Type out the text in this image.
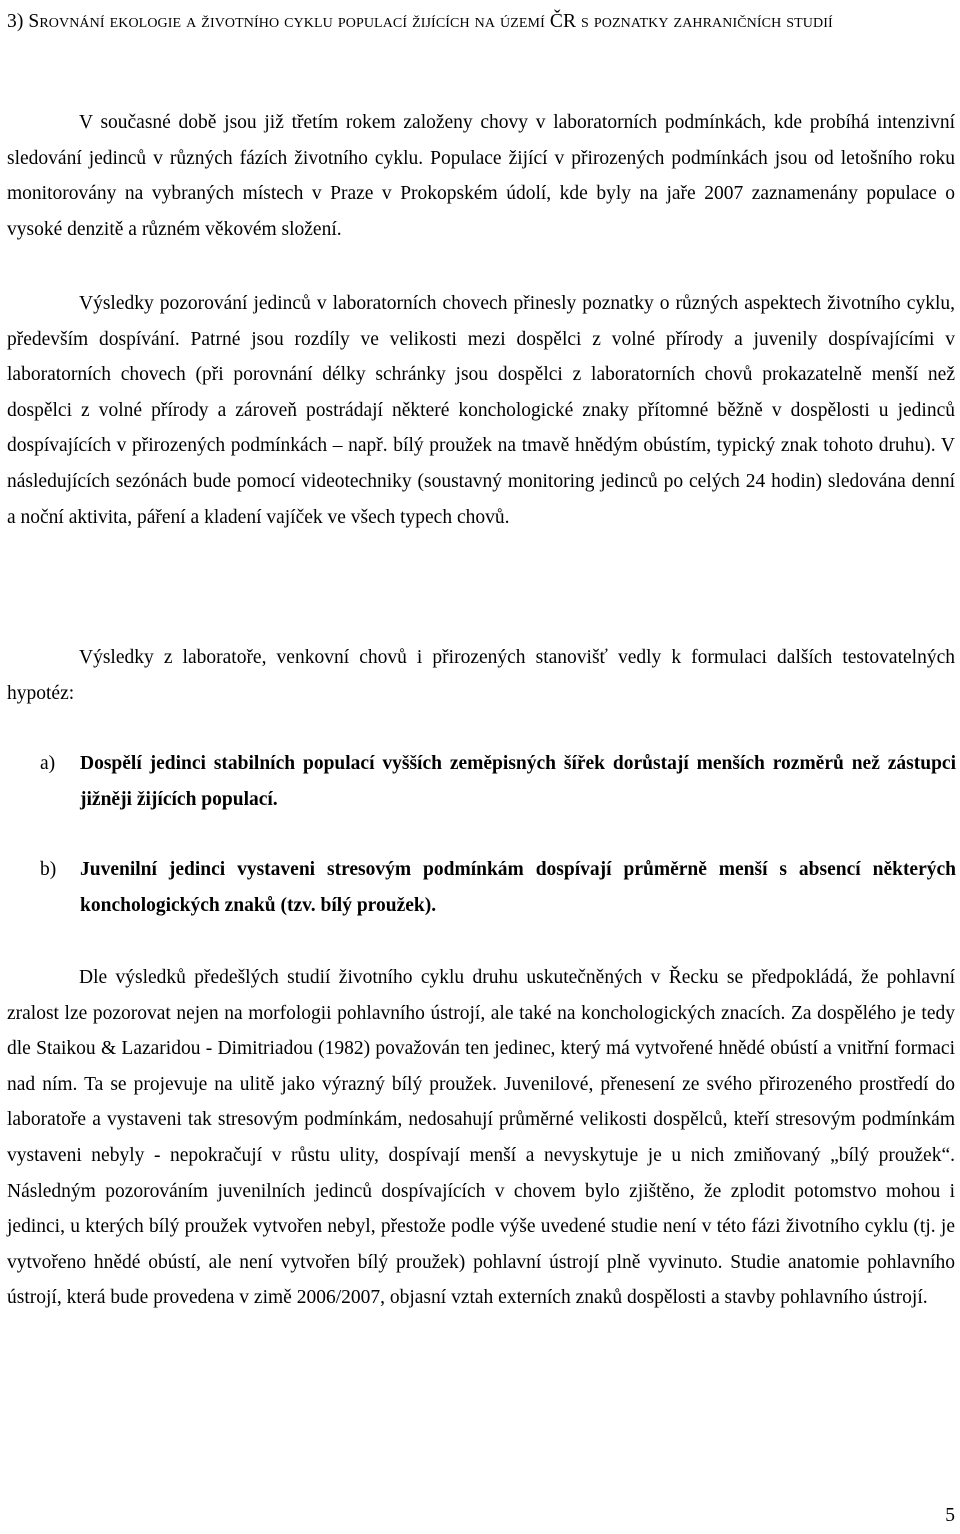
3) Srovnání ekologie a životního cyklu populací žijících na území ČR s poznatky zahraničních studií

V současné době jsou již třetím rokem založeny chovy v laboratorních podmínkách, kde probíhá intenzivní sledování jedinců v různých fázích životního cyklu. Populace žijící v přirozených podmínkách jsou od letošního roku monitorovány na vybraných místech v Praze v Prokopském údolí, kde byly na jaře 2007 zaznamenány populace o vysoké denzitě a různém věkovém složení.

Výsledky pozorování jedinců v laboratorních chovech přinesly poznatky o různých aspektech životního cyklu, především dospívání. Patrné jsou rozdíly ve velikosti mezi dospělci z volné přírody a juvenily dospívajícími v laboratorních chovech (při porovnání délky schránky jsou dospělci z laboratorních chovů prokazatelně menší než dospělci z volné přírody a zároveň postrádají některé konchologické znaky přítomné běžně v dospělosti u jedinců dospívajících v přirozených podmínkách – např. bílý proužek na tmavě hnědým obústím, typický znak tohoto druhu). V následujících sezónách bude pomocí videotechniky (soustavný monitoring jedinců po celých 24 hodin) sledována denní a noční aktivita, páření a kladení vajíček ve všech typech chovů.

Výsledky z laboratoře, venkovní chovů i přirozených stanovišť vedly k formulaci dalších testovatelných hypotéz:

a) Dospělí jedinci stabilních populací vyšších zeměpisných šířek dorůstají menších rozměrů než zástupci jižněji žijících populací.
b) Juvenilní jedinci vystaveni stresovým podmínkám dospívají průměrně menší s absencí některých konchologických znaků (tzv. bílý proužek).

Dle výsledků předešlých studií životního cyklu druhu uskutečněných v Řecku se předpokládá, že pohlavní zralost lze pozorovat nejen na morfologii pohlavního ústrojí, ale také na konchologických znacích. Za dospělého je tedy dle Staikou & Lazaridou - Dimitriadou (1982) považován ten jedinec, který má vytvořené hnědé obústí a vnitřní formaci nad ním. Ta se projevuje na ulitě jako výrazný bílý proužek. Juvenilové, přenesení ze svého přirozeného prostředí do laboratoře a vystaveni tak stresovým podmínkám, nedosahují průměrné velikosti dospělců, kteří stresovým podmínkám vystaveni nebyly - nepokračují v růstu ulity, dospívají menší a nevyskytuje je u nich zmiňovaný „bílý proužek“. Následným pozorováním juvenilních jedinců dospívajících v chovem bylo zjištěno, že zplodit potomstvo mohou i jedinci, u kterých bílý proužek vytvořen nebyl, přestože podle výše uvedené studie není v této fázi životního cyklu (tj. je vytvořeno hnědé obústí, ale není vytvořen bílý proužek) pohlavní ústrojí plně vyvinuto. Studie anatomie pohlavního ústrojí, která bude provedena v zimě 2006/2007, objasní vztah externích znaků dospělosti a stavby pohlavního ústrojí.

5
